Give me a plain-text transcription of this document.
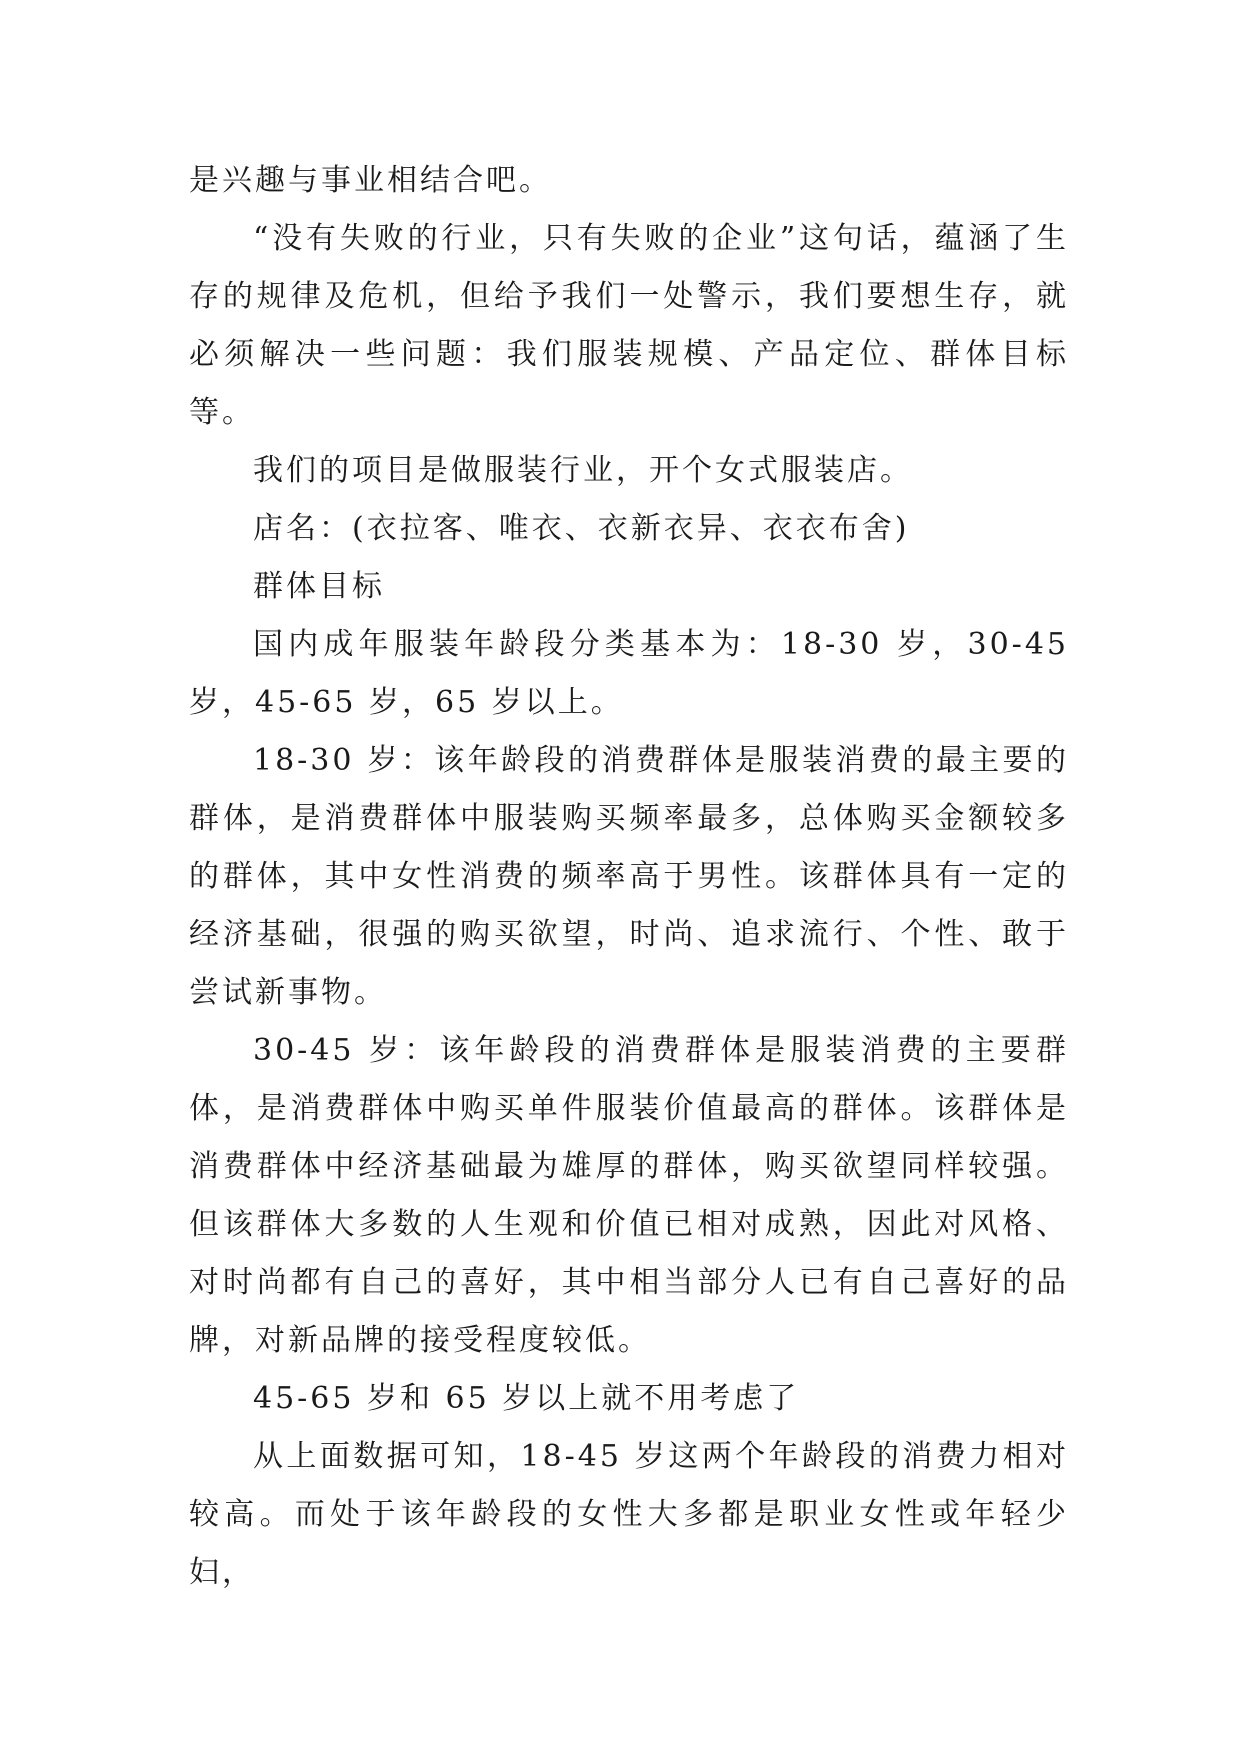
是兴趣与事业相结合吧。

“没有失败的行业，只有失败的企业”这句话，蕴涵了生存的规律及危机，但给予我们一处警示，我们要想生存，就必须解决一些问题：我们服装规模、产品定位、群体目标等。

我们的项目是做服装行业，开个女式服装店。

店名：(衣拉客、唯衣、衣新衣异、衣衣布舍)

群体目标

国内成年服装年龄段分类基本为：18-30 岁，30-45 岁，45-65 岁，65 岁以上。

18-30 岁：该年龄段的消费群体是服装消费的最主要的群体，是消费群体中服装购买频率最多，总体购买金额较多的群体，其中女性消费的频率高于男性。该群体具有一定的经济基础，很强的购买欲望，时尚、追求流行、个性、敢于尝试新事物。

30-45 岁：该年龄段的消费群体是服装消费的主要群体，是消费群体中购买单件服装价值最高的群体。该群体是消费群体中经济基础最为雄厚的群体，购买欲望同样较强。但该群体大多数的人生观和价值已相对成熟，因此对风格、对时尚都有自己的喜好，其中相当部分人已有自己喜好的品牌，对新品牌的接受程度较低。

45-65 岁和 65 岁以上就不用考虑了

从上面数据可知，18-45 岁这两个年龄段的消费力相对较高。而处于该年龄段的女性大多都是职业女性或年轻少妇，
